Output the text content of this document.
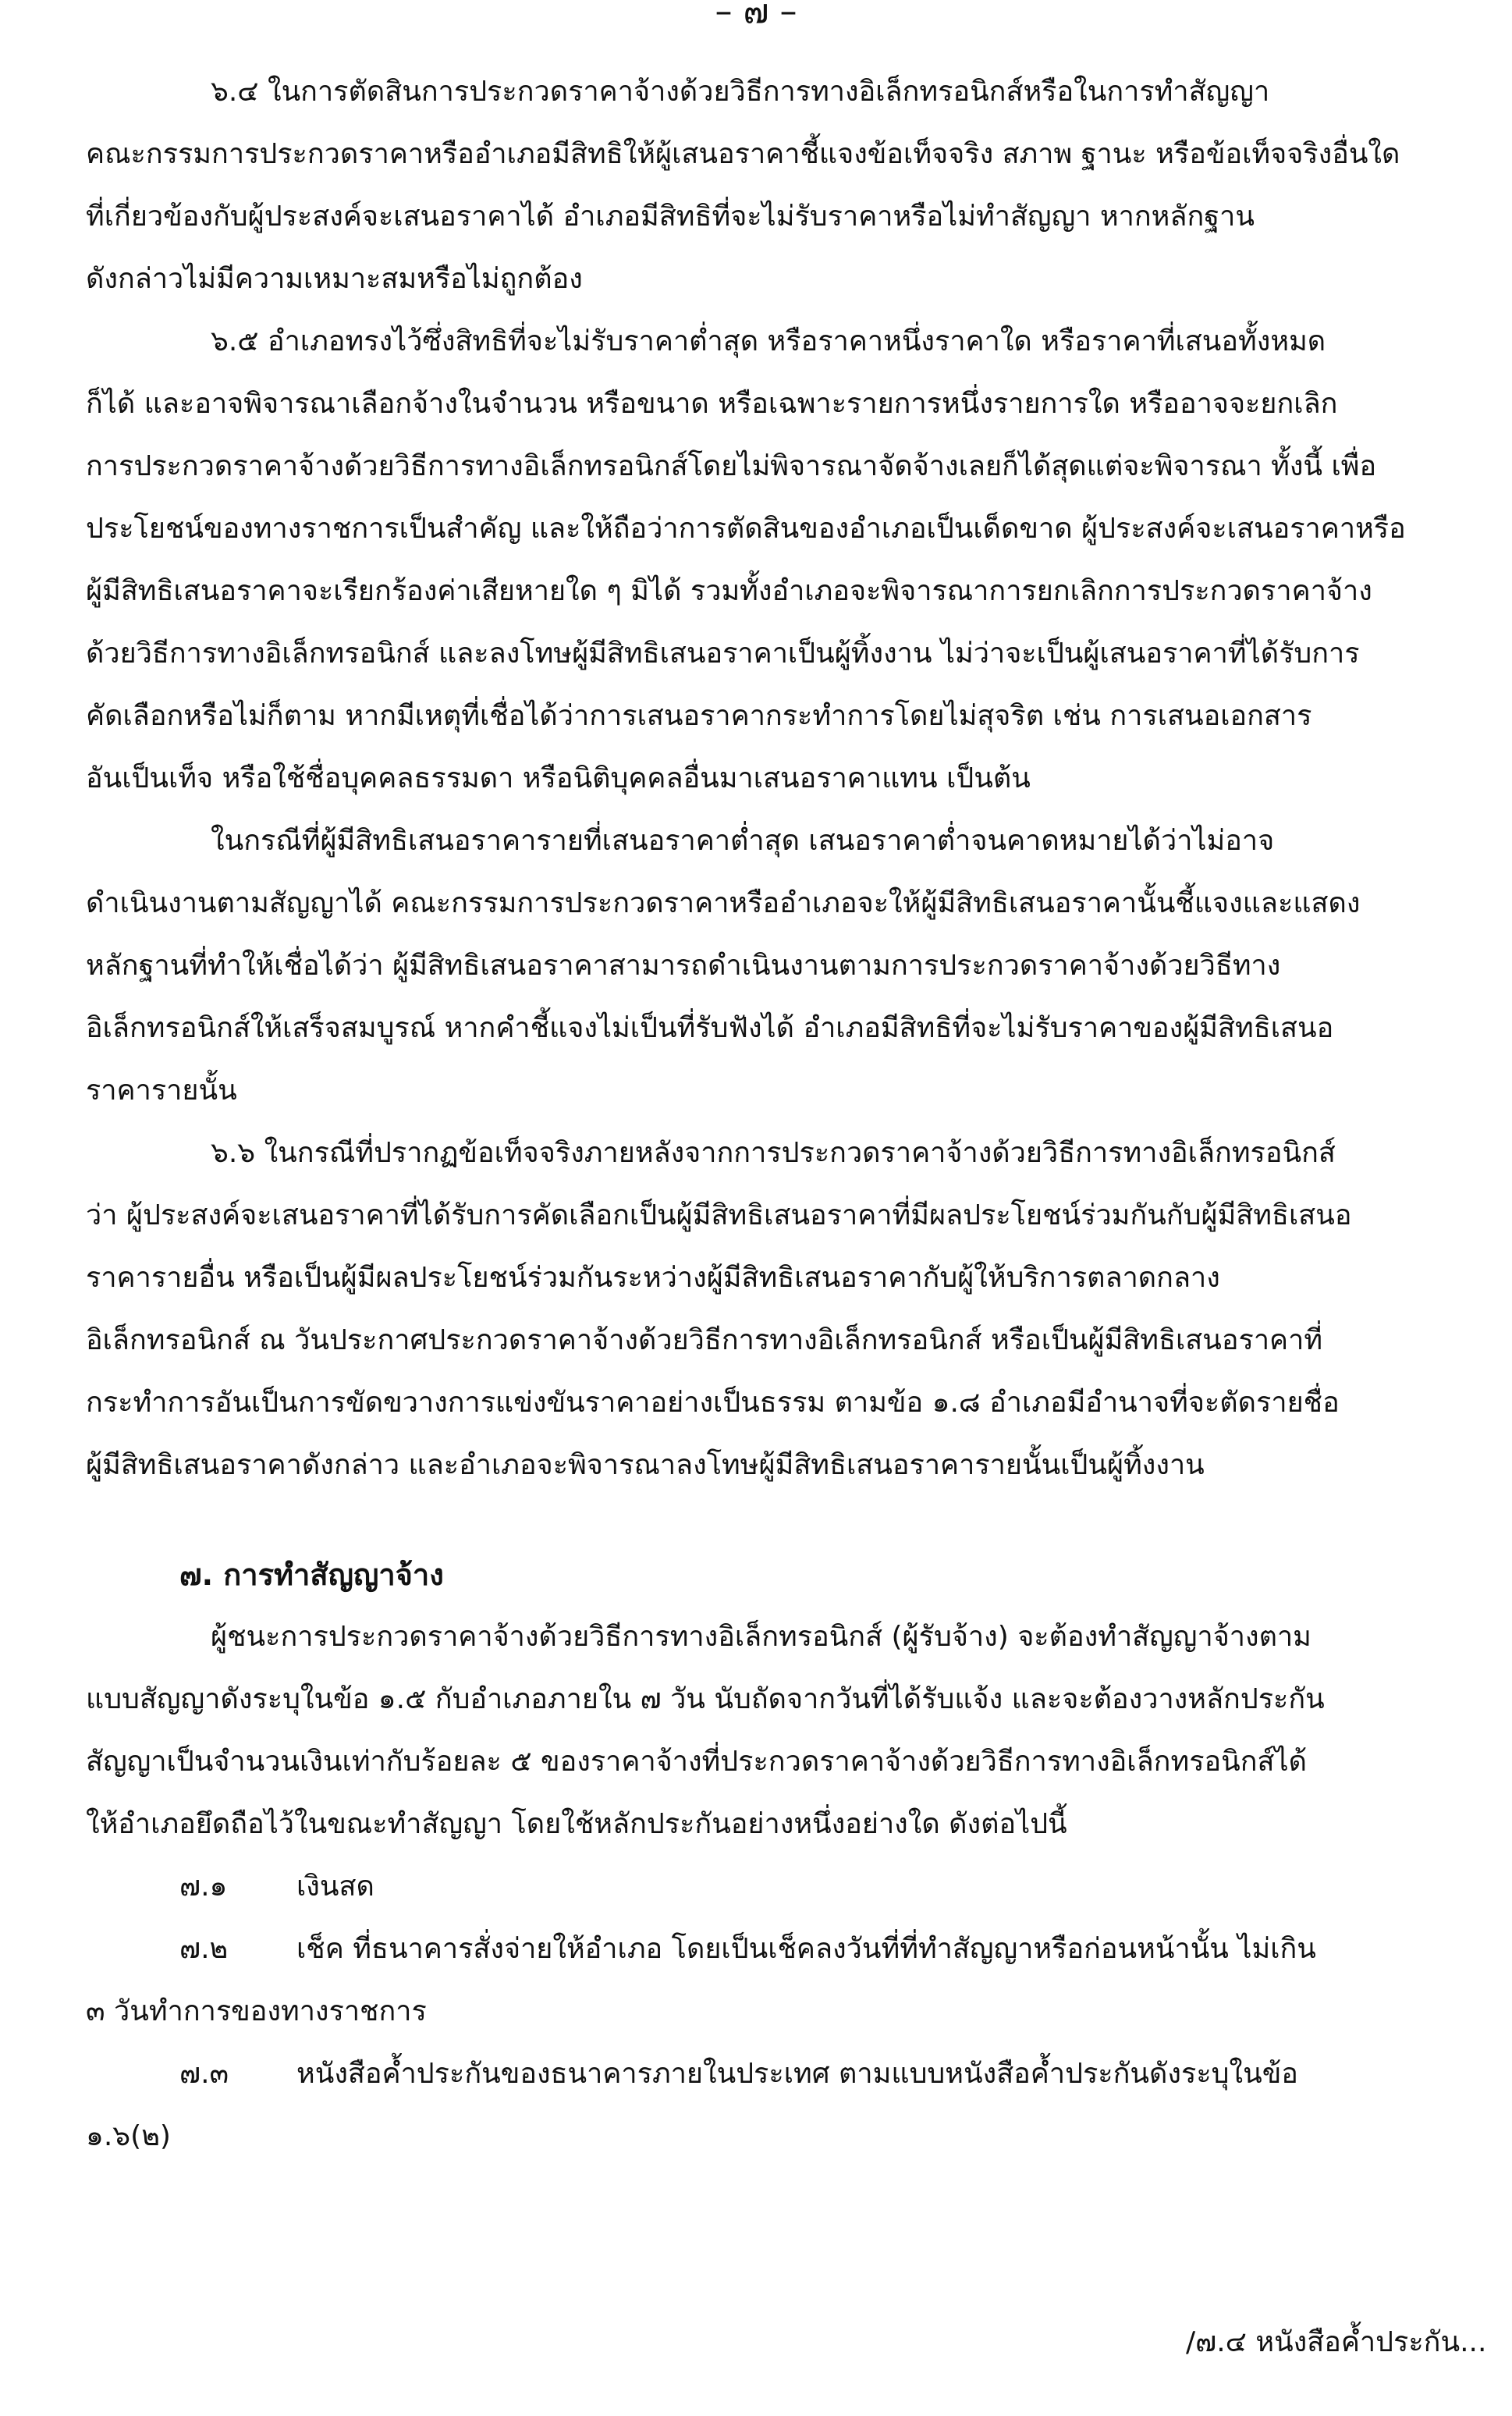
– ๗ –

๖.๔ ในการตัดสินการประกวดราคาจ้างด้วยวิธีการทางอิเล็กทรอนิกส์หรือในการทำสัญญา

คณะกรรมการประกวดราคาหรืออำเภอมีสิทธิให้ผู้เสนอราคาชี้แจงข้อเท็จจริง สภาพ ฐานะ หรือข้อเท็จจริงอื่นใด

ที่เกี่ยวข้องกับผู้ประสงค์จะเสนอราคาได้ อำเภอมีสิทธิที่จะไม่รับราคาหรือไม่ทำสัญญา หากหลักฐาน

ดังกล่าวไม่มีความเหมาะสมหรือไม่ถูกต้อง

๖.๕ อำเภอทรงไว้ซึ่งสิทธิที่จะไม่รับราคาต่ำสุด หรือราคาหนึ่งราคาใด หรือราคาที่เสนอทั้งหมด

ก็ได้ และอาจพิจารณาเลือกจ้างในจำนวน หรือขนาด หรือเฉพาะรายการหนึ่งรายการใด หรืออาจจะยกเลิก

การประกวดราคาจ้างด้วยวิธีการทางอิเล็กทรอนิกส์โดยไม่พิจารณาจัดจ้างเลยก็ได้สุดแต่จะพิจารณา ทั้งนี้ เพื่อ

ประโยชน์ของทางราชการเป็นสำคัญ และให้ถือว่าการตัดสินของอำเภอเป็นเด็ดขาด ผู้ประสงค์จะเสนอราคาหรือ

ผู้มีสิทธิเสนอราคาจะเรียกร้องค่าเสียหายใด ๆ มิได้ รวมทั้งอำเภอจะพิจารณาการยกเลิกการประกวดราคาจ้าง

ด้วยวิธีการทางอิเล็กทรอนิกส์ และลงโทษผู้มีสิทธิเสนอราคาเป็นผู้ทิ้งงาน ไม่ว่าจะเป็นผู้เสนอราคาที่ได้รับการ

คัดเลือกหรือไม่ก็ตาม หากมีเหตุที่เชื่อได้ว่าการเสนอราคากระทำการโดยไม่สุจริต เช่น การเสนอเอกสาร

อันเป็นเท็จ หรือใช้ชื่อบุคคลธรรมดา หรือนิติบุคคลอื่นมาเสนอราคาแทน เป็นต้น

ในกรณีที่ผู้มีสิทธิเสนอราคารายที่เสนอราคาต่ำสุด เสนอราคาต่ำจนคาดหมายได้ว่าไม่อาจ

ดำเนินงานตามสัญญาได้ คณะกรรมการประกวดราคาหรืออำเภอจะให้ผู้มีสิทธิเสนอราคานั้นชี้แจงและแสดง

หลักฐานที่ทำให้เชื่อได้ว่า ผู้มีสิทธิเสนอราคาสามารถดำเนินงานตามการประกวดราคาจ้างด้วยวิธีทาง

อิเล็กทรอนิกส์ให้เสร็จสมบูรณ์ หากคำชี้แจงไม่เป็นที่รับฟังได้ อำเภอมีสิทธิที่จะไม่รับราคาของผู้มีสิทธิเสนอ

ราคารายนั้น

๖.๖ ในกรณีที่ปรากฏข้อเท็จจริงภายหลังจากการประกวดราคาจ้างด้วยวิธีการทางอิเล็กทรอนิกส์

ว่า ผู้ประสงค์จะเสนอราคาที่ได้รับการคัดเลือกเป็นผู้มีสิทธิเสนอราคาที่มีผลประโยชน์ร่วมกันกับผู้มีสิทธิเสนอ

ราคารายอื่น หรือเป็นผู้มีผลประโยชน์ร่วมกันระหว่างผู้มีสิทธิเสนอราคากับผู้ให้บริการตลาดกลาง

อิเล็กทรอนิกส์ ณ วันประกาศประกวดราคาจ้างด้วยวิธีการทางอิเล็กทรอนิกส์ หรือเป็นผู้มีสิทธิเสนอราคาที่

กระทำการอันเป็นการขัดขวางการแข่งขันราคาอย่างเป็นธรรม ตามข้อ ๑.๘ อำเภอมีอำนาจที่จะตัดรายชื่อ

ผู้มีสิทธิเสนอราคาดังกล่าว และอำเภอจะพิจารณาลงโทษผู้มีสิทธิเสนอราคารายนั้นเป็นผู้ทิ้งงาน

๗. การทำสัญญาจ้าง

ผู้ชนะการประกวดราคาจ้างด้วยวิธีการทางอิเล็กทรอนิกส์ (ผู้รับจ้าง) จะต้องทำสัญญาจ้างตาม

แบบสัญญาดังระบุในข้อ ๑.๕ กับอำเภอภายใน ๗ วัน นับถัดจากวันที่ได้รับแจ้ง และจะต้องวางหลักประกัน

สัญญาเป็นจำนวนเงินเท่ากับร้อยละ ๕ ของราคาจ้างที่ประกวดราคาจ้างด้วยวิธีการทางอิเล็กทรอนิกส์ได้

ให้อำเภอยึดถือไว้ในขณะทำสัญญา โดยใช้หลักประกันอย่างหนึ่งอย่างใด ดังต่อไปนี้

๗.๑ เงินสด

๗.๒ เช็ค ที่ธนาคารสั่งจ่ายให้อำเภอ โดยเป็นเช็คลงวันที่ที่ทำสัญญาหรือก่อนหน้านั้น ไม่เกิน

๓ วันทำการของทางราชการ

๗.๓ หนังสือค้ำประกันของธนาคารภายในประเทศ ตามแบบหนังสือค้ำประกันดังระบุในข้อ

๑.๖(๒)

/๗.๔ หนังสือค้ำประกัน...
